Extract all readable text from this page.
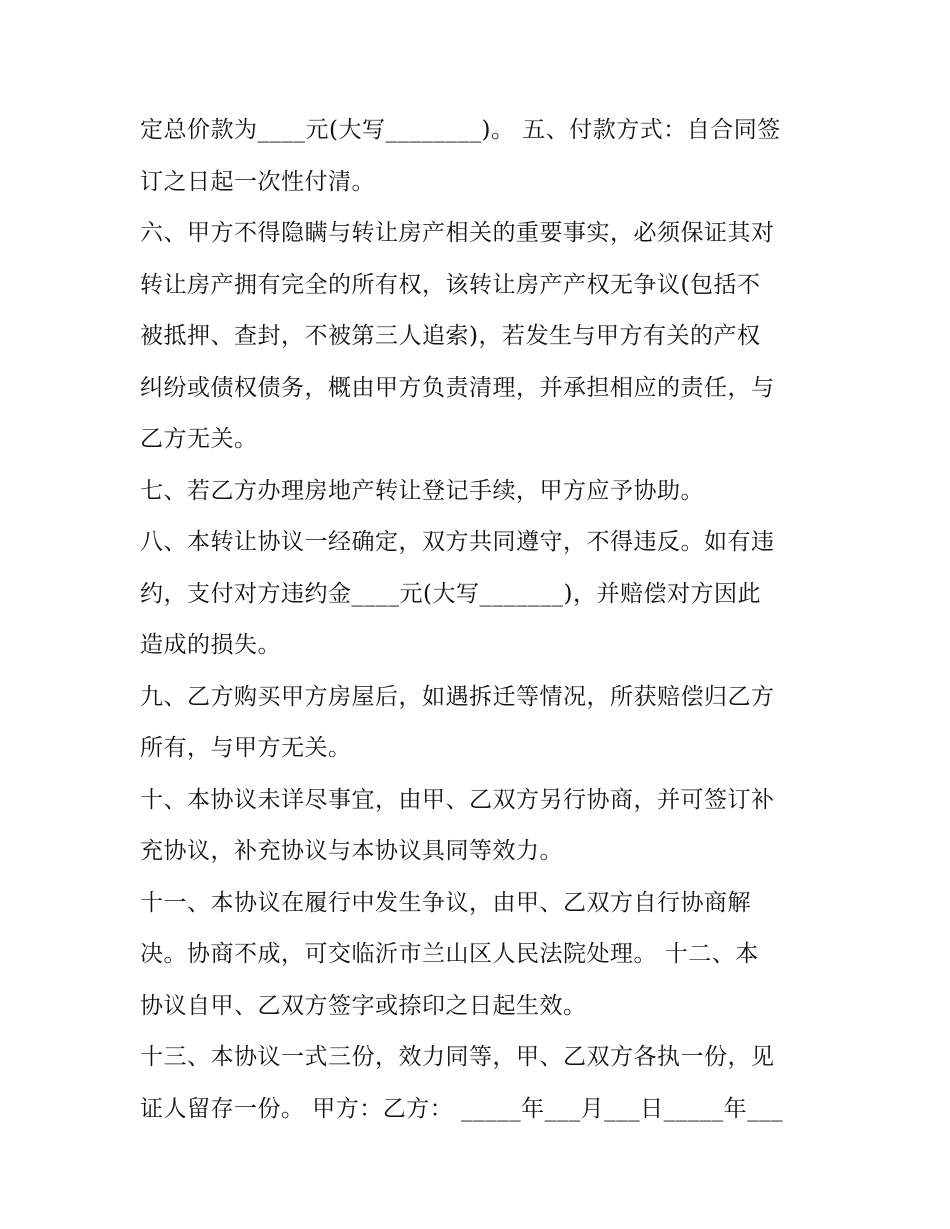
定总价款为____元(大写________)。 五、付款方式：自合同签
订之日起一次性付清。
六、甲方不得隐瞒与转让房产相关的重要事实，必须保证其对
转让房产拥有完全的所有权，该转让房产产权无争议(包括不
被抵押、查封，不被第三人追索)，若发生与甲方有关的产权
纠纷或债权债务，概由甲方负责清理，并承担相应的责任，与
乙方无关。
七、若乙方办理房地产转让登记手续，甲方应予协助。
八、本转让协议一经确定，双方共同遵守，不得违反。如有违
约，支付对方违约金____元(大写_______)，并赔偿对方因此
造成的损失。
九、乙方购买甲方房屋后，如遇拆迁等情况，所获赔偿归乙方
所有，与甲方无关。
十、本协议未详尽事宜，由甲、乙双方另行协商，并可签订补
充协议，补充协议与本协议具同等效力。
十一、本协议在履行中发生争议，由甲、乙双方自行协商解
决。协商不成，可交临沂市兰山区人民法院处理。 十二、本
协议自甲、乙双方签字或捺印之日起生效。
十三、本协议一式三份，效力同等，甲、乙双方各执一份，见
证人留存一份。 甲方：乙方： _____年___月___日_____年___
